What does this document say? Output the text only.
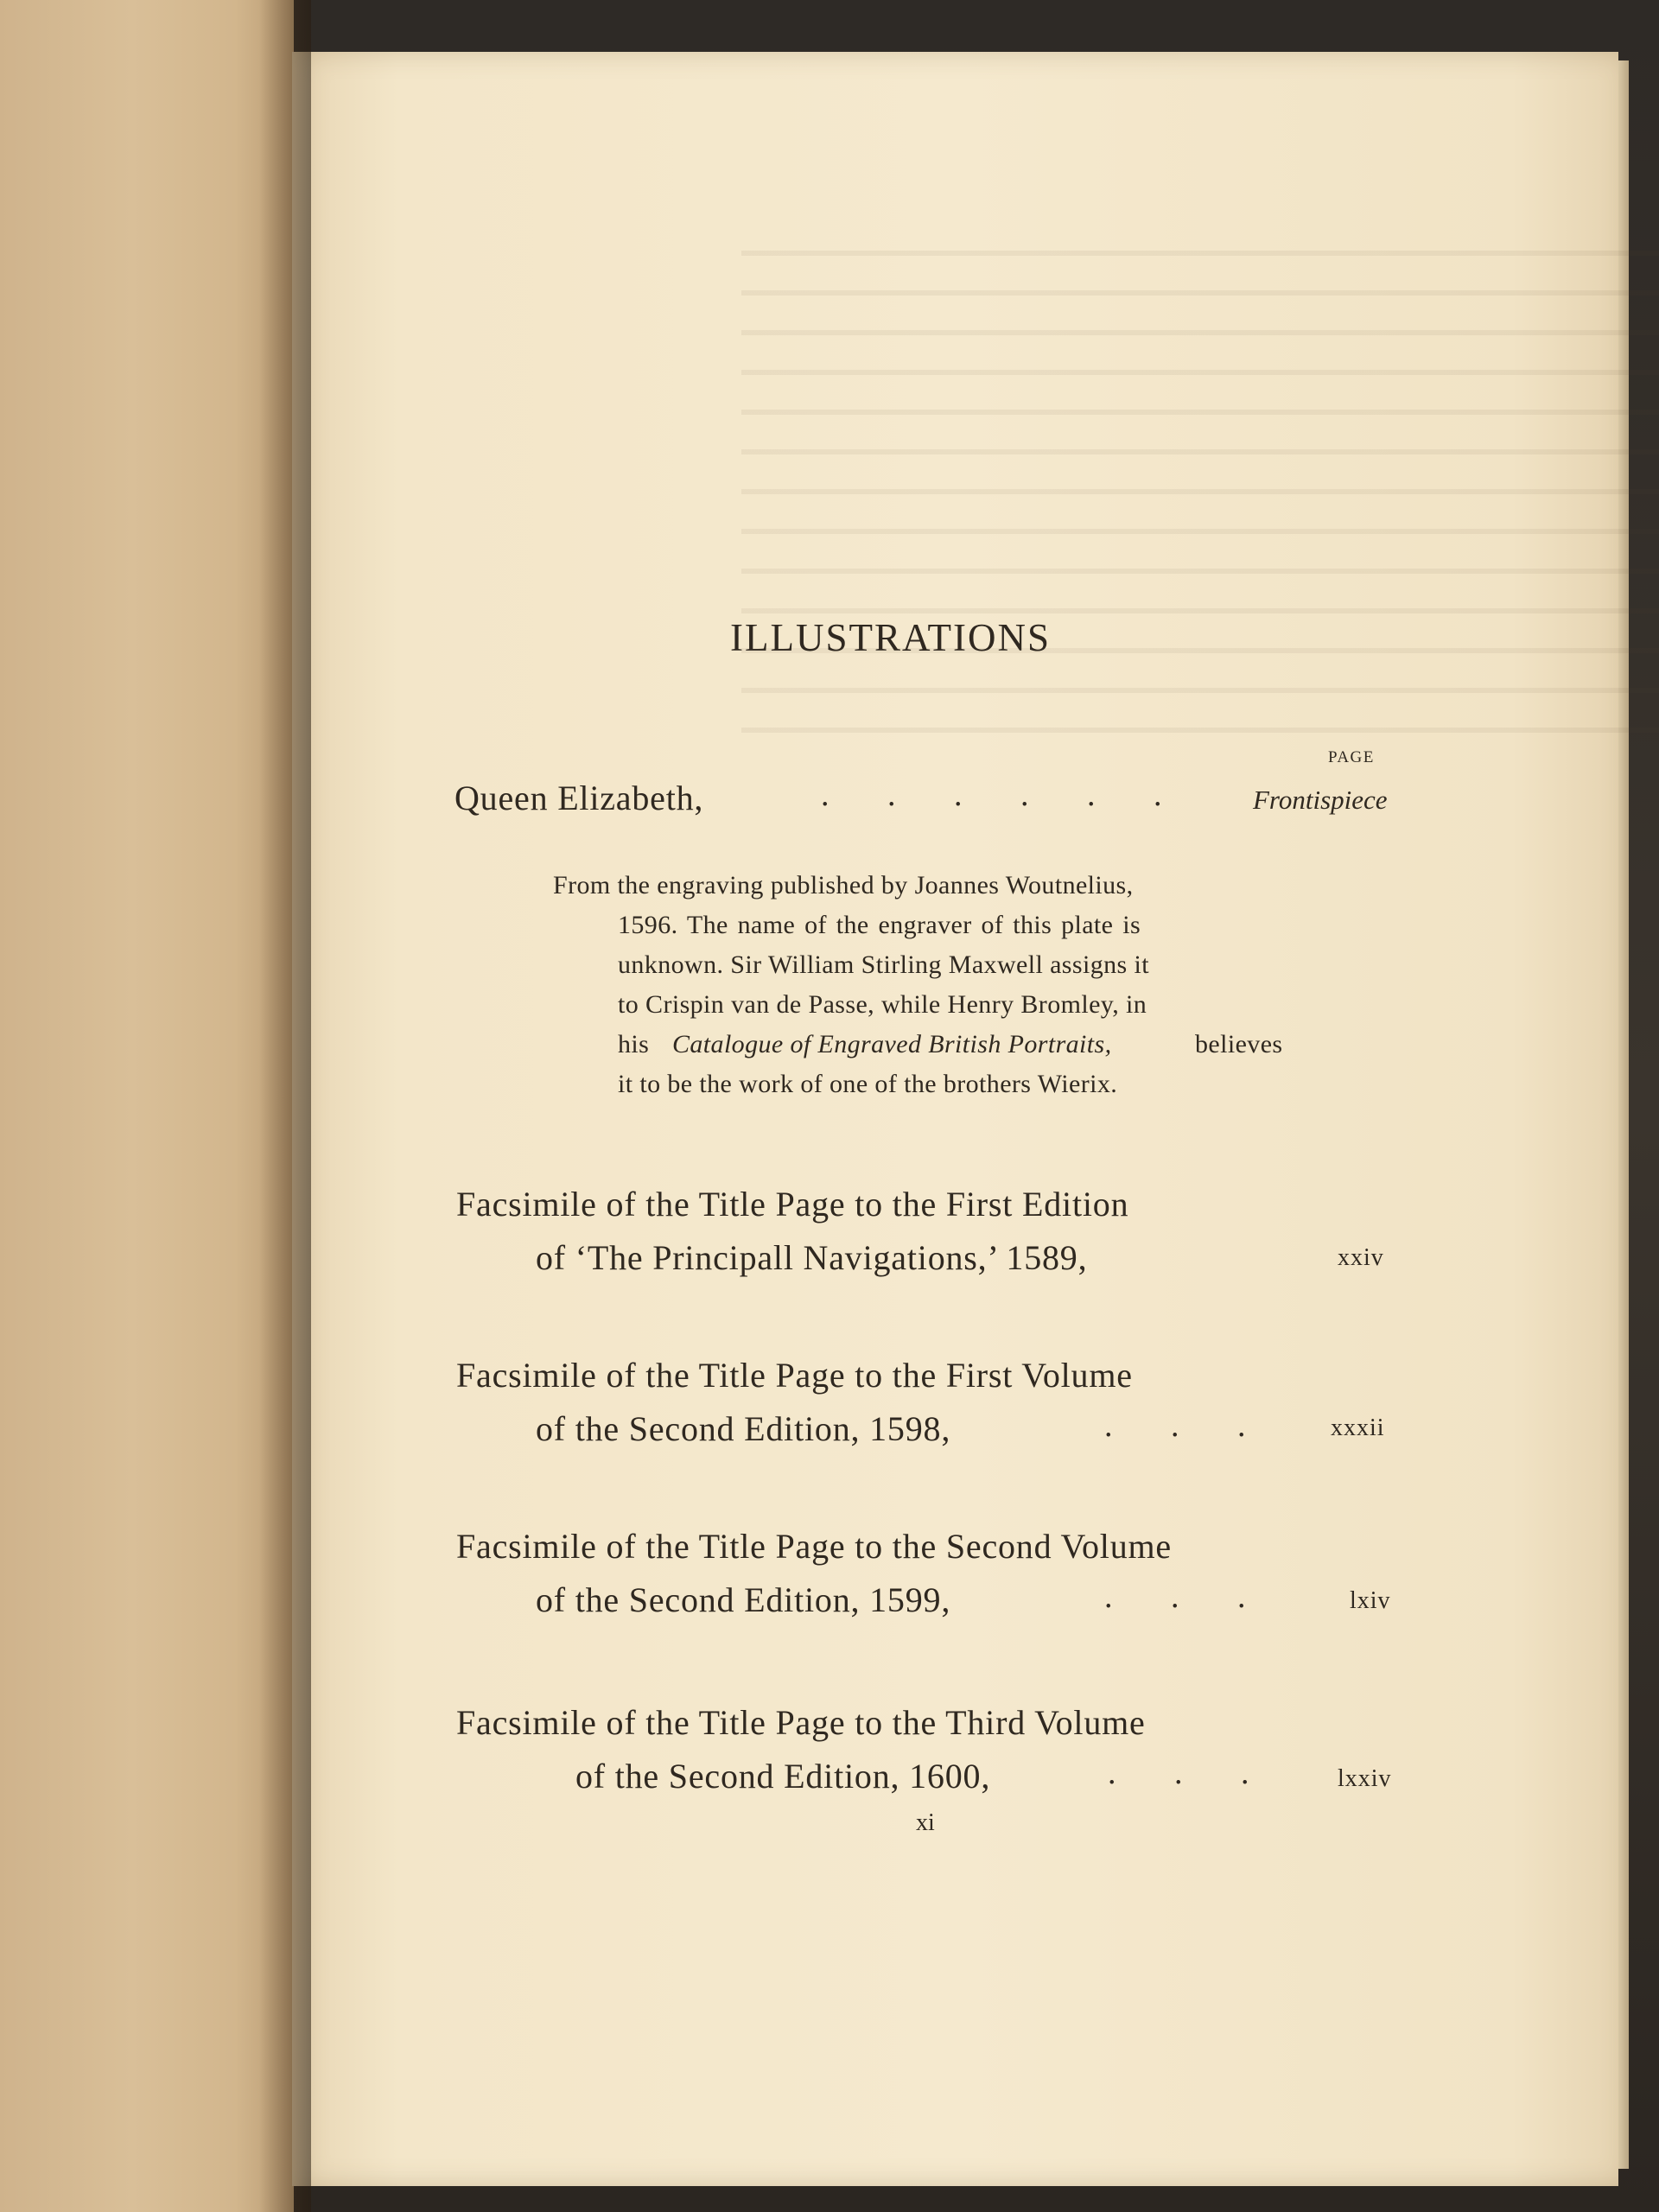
ILLUSTRATIONS
PAGE
Queen Elizabeth,	. . . . . .	Frontispiece
From the engraving published by Joannes Woutnelius,
1596. The name of the engraver of this plate is
unknown. Sir William Stirling Maxwell assigns it
to Crispin van de Passe, while Henry Bromley, in
his Catalogue of Engraved British Portraits,	believes
it to be the work of one of the brothers Wierix.
Facsimile of the Title Page to the First Edition
of ‘The Principall Navigations,’ 1589,	xxiv
Facsimile of the Title Page to the First Volume
of the Second Edition, 1598,	. . .	xxxii
Facsimile of the Title Page to the Second Volume
of the Second Edition, 1599,	. . .	lxiv
Facsimile of the Title Page to the Third Volume
of the Second Edition, 1600,	. . .	lxxiv
xi
